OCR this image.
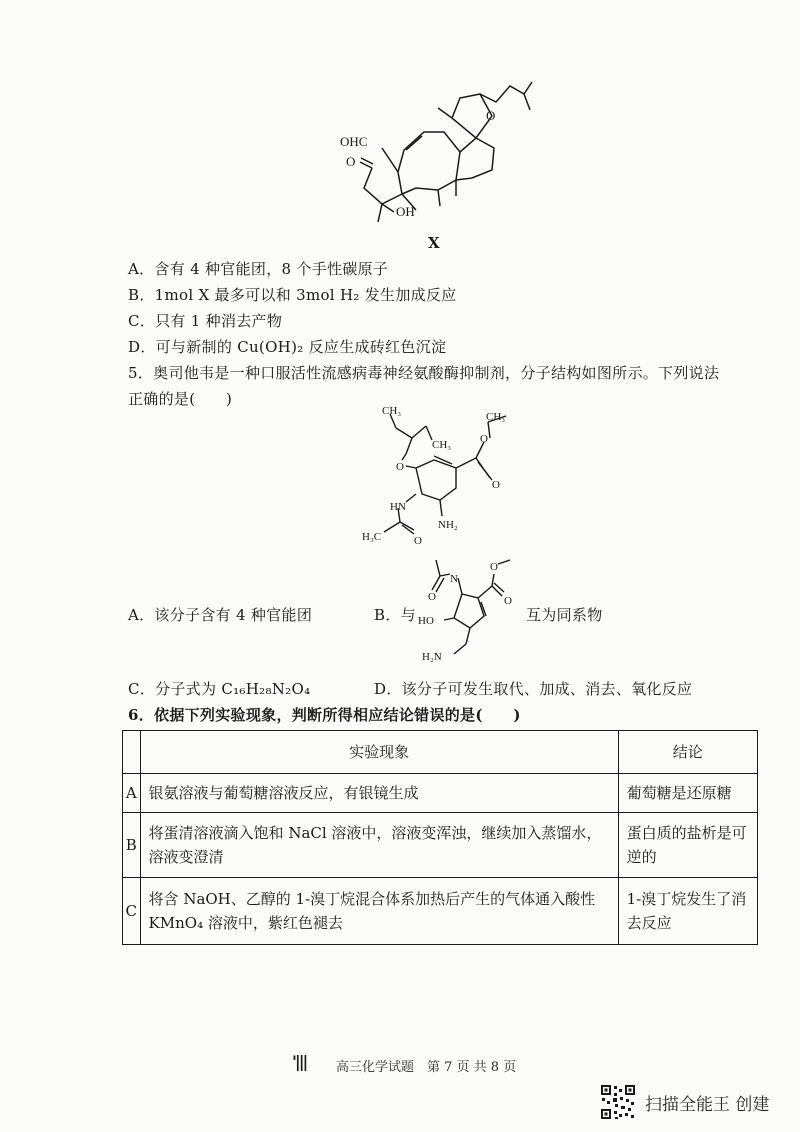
OHC
O
OH
O
X
A．含有 4 种官能团，8 个手性碳原子
B．1mol X 最多可以和 3mol H₂ 发生加成反应
C．只有 1 种消去产物
D．可与新制的 Cu(OH)₂ 反应生成砖红色沉淀
5．奥司他韦是一种口服活性流感病毒神经氨酸酶抑制剂，分子结构如图所示。下列说法
正确的是(　　)
CH₃
CH₃
CH₃
O
HN
NH₂
H₃C	O
O
O
A．该分子含有 4 种官能团	B．与
N
HO
H₂N
O
O
O
互为同系物
C．分子式为 C₁₆H₂₈N₂O₄	D．该分子可发生取代、加成、消去、氧化反应
6．依据下列实验现象，判断所得相应结论错误的是(　　)
	实验现象	结论
A	银氨溶液与葡萄糖溶液反应，有银镜生成	葡萄糖是还原糖
B	将蛋清溶液滴入饱和 NaCl 溶液中，溶液变浑浊，继续加入蒸馏水，溶液变澄清	蛋白质的盐析是可逆的
C	将含 NaOH、乙醇的 1-溴丁烷混合体系加热后产生的气体通入酸性 KMnO₄ 溶液中，紫红色褪去	1-溴丁烷发生了消去反应
'||| 高三化学试题　第 7 页 共 8 页
扫描全能王 创建
